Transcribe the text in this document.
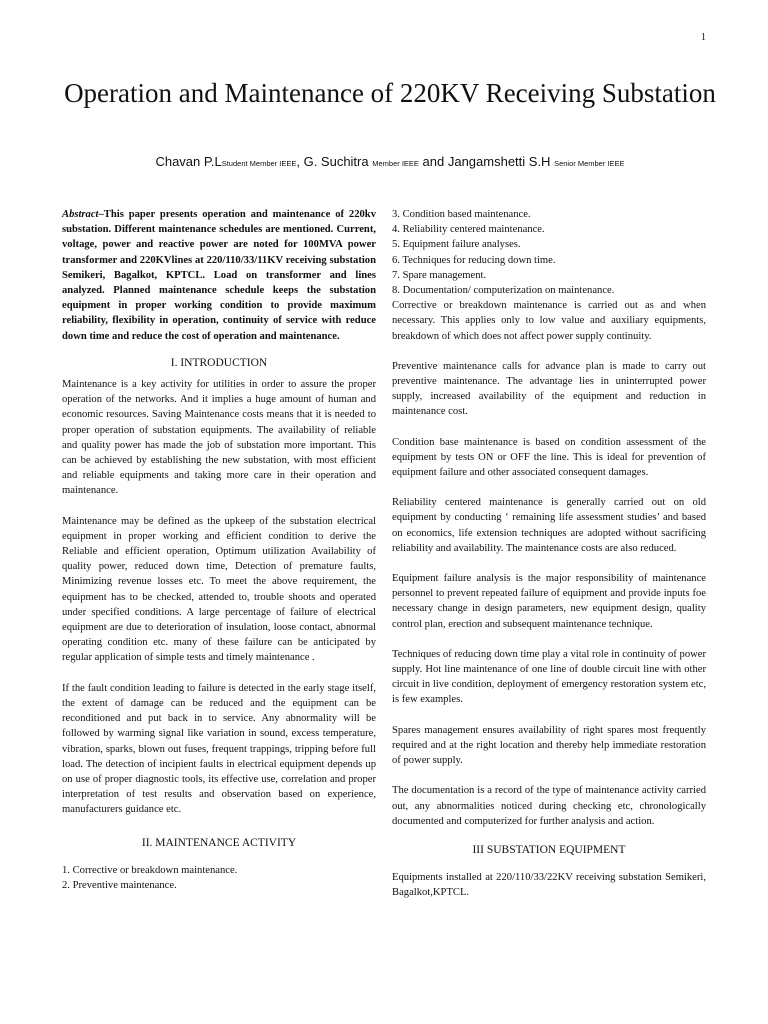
1
Operation and Maintenance of 220KV Receiving Substation
Chavan P.LStudent Member IEEE, G. Suchitra Member IEEE and Jangamshetti S.H Senior Member IEEE

Abstract–This paper presents operation and maintenance of 220kv substation. Different maintenance schedules are mentioned. Current, voltage, power and reactive power are noted for 100MVA power transformer and 220KVlines at 220/110/33/11KV receiving substation Semikeri, Bagalkot, KPTCL. Load on transformer and lines analyzed. Planned maintenance schedule keeps the substation equipment in proper working condition to provide maximum reliability, flexibility in operation, continuity of service with reduce down time and reduce the cost of operation and maintenance.

I. INTRODUCTION

Maintenance is a key activity for utilities in order to assure the proper operation of the networks. And it implies a huge amount of human and economic resources. Saving Maintenance costs means that it is needed to proper operation of substation equipments. The availability of reliable and quality power has made the job of substation more important. This can be achieved by establishing the new substation, with most efficient and reliable equipments and taking more care in their operation and maintenance.

Maintenance may be defined as the upkeep of the substation electrical equipment in proper working and efficient condition to derive the Reliable and efficient operation, Optimum utilization Availability of quality power, reduced down time, Detection of premature faults, Minimizing revenue losses etc. To meet the above requirement, the equipment has to be checked, attended to, trouble shoots and operated under specified conditions. A large percentage of failure of electrical equipment are due to deterioration of insulation, loose contact, abnormal operating condition etc. many of these failure can be anticipated by regular application of simple tests and timely maintenance .

If the fault condition leading to failure is detected in the early stage itself, the extent of damage can be reduced and the equipment can be reconditioned and put back in to service. Any abnormality will be followed by warming signal like variation in sound, excess temperature, vibration, sparks, blown out fuses, frequent trappings, tripping before full load. The detection of incipient faults in electrical equipment depends up on use of proper diagnostic tools, its effective use, correlation and proper interpretation of test results and observation based on experience, manufacturers guidance etc.

II. MAINTENANCE ACTIVITY

1. Corrective or breakdown maintenance.

2. Preventive maintenance.

3. Condition based maintenance.

4. Reliability centered maintenance.

5. Equipment failure analyses.

6. Techniques for reducing down time.

7. Spare management.

8. Documentation/ computerization on maintenance.

Corrective or breakdown maintenance is carried out as and when necessary. This applies only to low value and auxiliary equipments, breakdown of which does not affect power supply continuity.

Preventive maintenance calls for advance plan is made to carry out preventive maintenance. The advantage lies in uninterrupted power supply, increased availability of the equipment and reduction in maintenance cost.

Condition base maintenance is based on condition assessment of the equipment by tests ON or OFF the line. This is ideal for prevention of equipment failure and other associated consequent damages.

Reliability centered maintenance is generally carried out on old equipment by conducting ‘ remaining life assessment studies’ and based on economics, life extension techniques are adopted without sacrificing reliability and availability. The maintenance costs are also reduced.

Equipment failure analysis is the major responsibility of maintenance personnel to prevent repeated failure of equipment and provide inputs foe necessary change in design parameters, new equipment design, quality control plan, erection and subsequent maintenance technique.

Techniques of reducing down time play a vital role in continuity of power supply. Hot line maintenance of one line of double circuit line with other circuit in live condition, deployment of emergency restoration system etc, is few examples.

Spares management ensures availability of right spares most frequently required and at the right location and thereby help immediate restoration of power supply.

The documentation is a record of the type of maintenance activity carried out, any abnormalities noticed during checking etc, chronologically documented and computerized for further analysis and action.

III SUBSTATION EQUIPMENT

Equipments installed at 220/110/33/22KV receiving substation Semikeri, Bagalkot,KPTCL.
